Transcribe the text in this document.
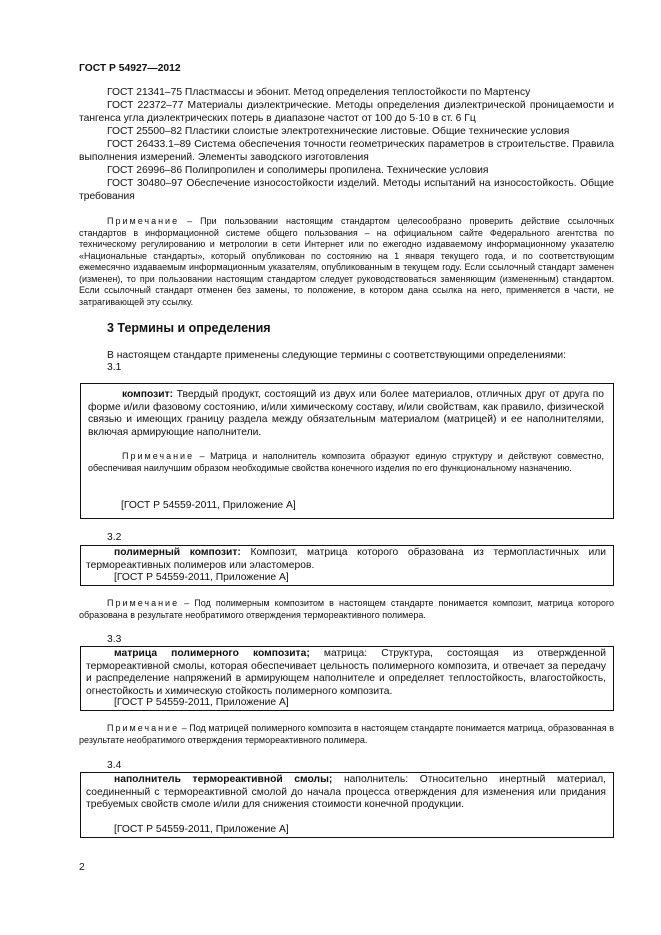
ГОСТ Р 54927—2012
ГОСТ 21341–75 Пластмассы и эбонит. Метод определения теплостойкости по Мартенсу
ГОСТ 22372–77 Материалы диэлектрические. Методы определения диэлектрической проницаемости и тангенса угла диэлектрических потерь в диапазоне частот от 100 до 5·10 в ст. 6 Гц
ГОСТ 25500–82 Пластики слоистые электротехнические листовые. Общие технические условия
ГОСТ 26433.1–89 Система обеспечения точности геометрических параметров в строительстве. Правила выполнения измерений. Элементы заводского изготовления
ГОСТ 26996–86 Полипропилен и сополимеры пропилена. Технические условия
ГОСТ 30480–97 Обеспечение износостойкости изделий. Методы испытаний на износостойкость. Общие требования
Примечание – При пользовании настоящим стандартом целесообразно проверить действие ссылочных стандартов в информационной системе общего пользования – на официальном сайте Федерального агентства по техническому регулированию и метрологии в сети Интернет или по ежегодно издаваемому информационному указателю «Национальные стандарты», который опубликован по состоянию на 1 января текущего года, и по соответствующим ежемесячно издаваемым информационным указателям, опубликованным в текущем году. Если ссылочный стандарт заменен (изменен), то при пользовании настоящим стандартом следует руководствоваться заменяющим (измененным) стандартом. Если ссылочный стандарт отменен без замены, то положение, в котором дана ссылка на него, применяется в части, не затрагивающей эту ссылку.
3 Термины и определения
В настоящем стандарте применены следующие термины с соответствующими определениями:
3.1
композит: Твердый продукт, состоящий из двух или более материалов, отличных друг от друга по форме и/или фазовому состоянию, и/или химическому составу, и/или свойствам, как правило, физической связью и имеющих границу раздела между обязательным материалом (матрицей) и ее наполнителями, включая армирующие наполнители.
Примечание – Матрица и наполнитель композита образуют единую структуру и действуют совместно, обеспечивая наилучшим образом необходимые свойства конечного изделия по его функциональному назначению.
[ГОСТ Р 54559-2011, Приложение А]
3.2
полимерный композит: Композит, матрица которого образована из термопластичных или термореактивных полимеров или эластомеров.
[ГОСТ Р 54559-2011, Приложение А]
Примечание – Под полимерным композитом в настоящем стандарте понимается композит, матрица которого образована в результате необратимого отверждения термореактивного полимера.
3.3
матрица полимерного композита; матрица: Структура, состоящая из отвержденной термореактивной смолы, которая обеспечивает цельность полимерного композита, и отвечает за передачу и распределение напряжений в армирующем наполнителе и определяет теплостойкость, влагостойкость, огнестойкость и химическую стойкость полимерного композита.
[ГОСТ Р 54559-2011, Приложение А]
Примечание – Под матрицей полимерного композита в настоящем стандарте понимается матрица, образованная в результате необратимого отверждения термореактивного полимера.
3.4
наполнитель термореактивной смолы; наполнитель: Относительно инертный материал, соединенный с термореактивной смолой до начала процесса отверждения для изменения или придания требуемых свойств смоле и/или для снижения стоимости конечной продукции.
[ГОСТ Р 54559-2011, Приложение А]
2
